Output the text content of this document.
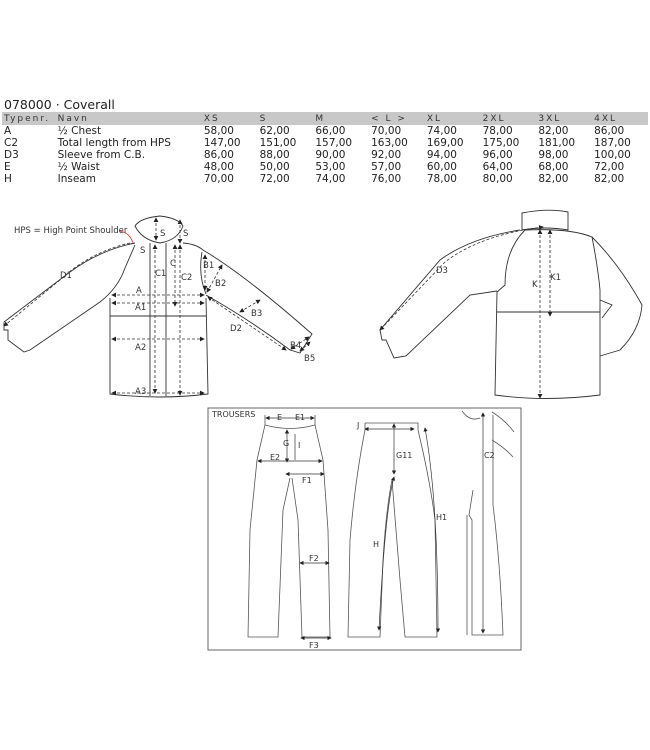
078000 · Coverall
Typenr.	Navn	XS	S	M	< L >	XL	2XL	3XL	4XL
A	½ Chest	58,00	62,00	66,00	70,00	74,00	78,00	82,00	86,00
C2	Total length from HPS	147,00	151,00	157,00	163,00	169,00	175,00	181,00	187,00
D3	Sleeve from C.B.	86,00	88,00	90,00	92,00	94,00	96,00	98,00	100,00
E	½ Waist	48,00	50,00	53,00	57,00	60,00	64,00	68,00	72,00
H	Inseam	70,00	72,00	74,00	76,00	78,00	80,00	82,00	82,00
HPS = High Point Shoulder	S S
S
C
C1 C2
D1
A
A1
A2
A3
B1
B2
B3
D2
B4
B5
D3
K
K1
TROUSERS	E E1
G I
E2
F1
F2
F3
J
G11
H
H1
C2
